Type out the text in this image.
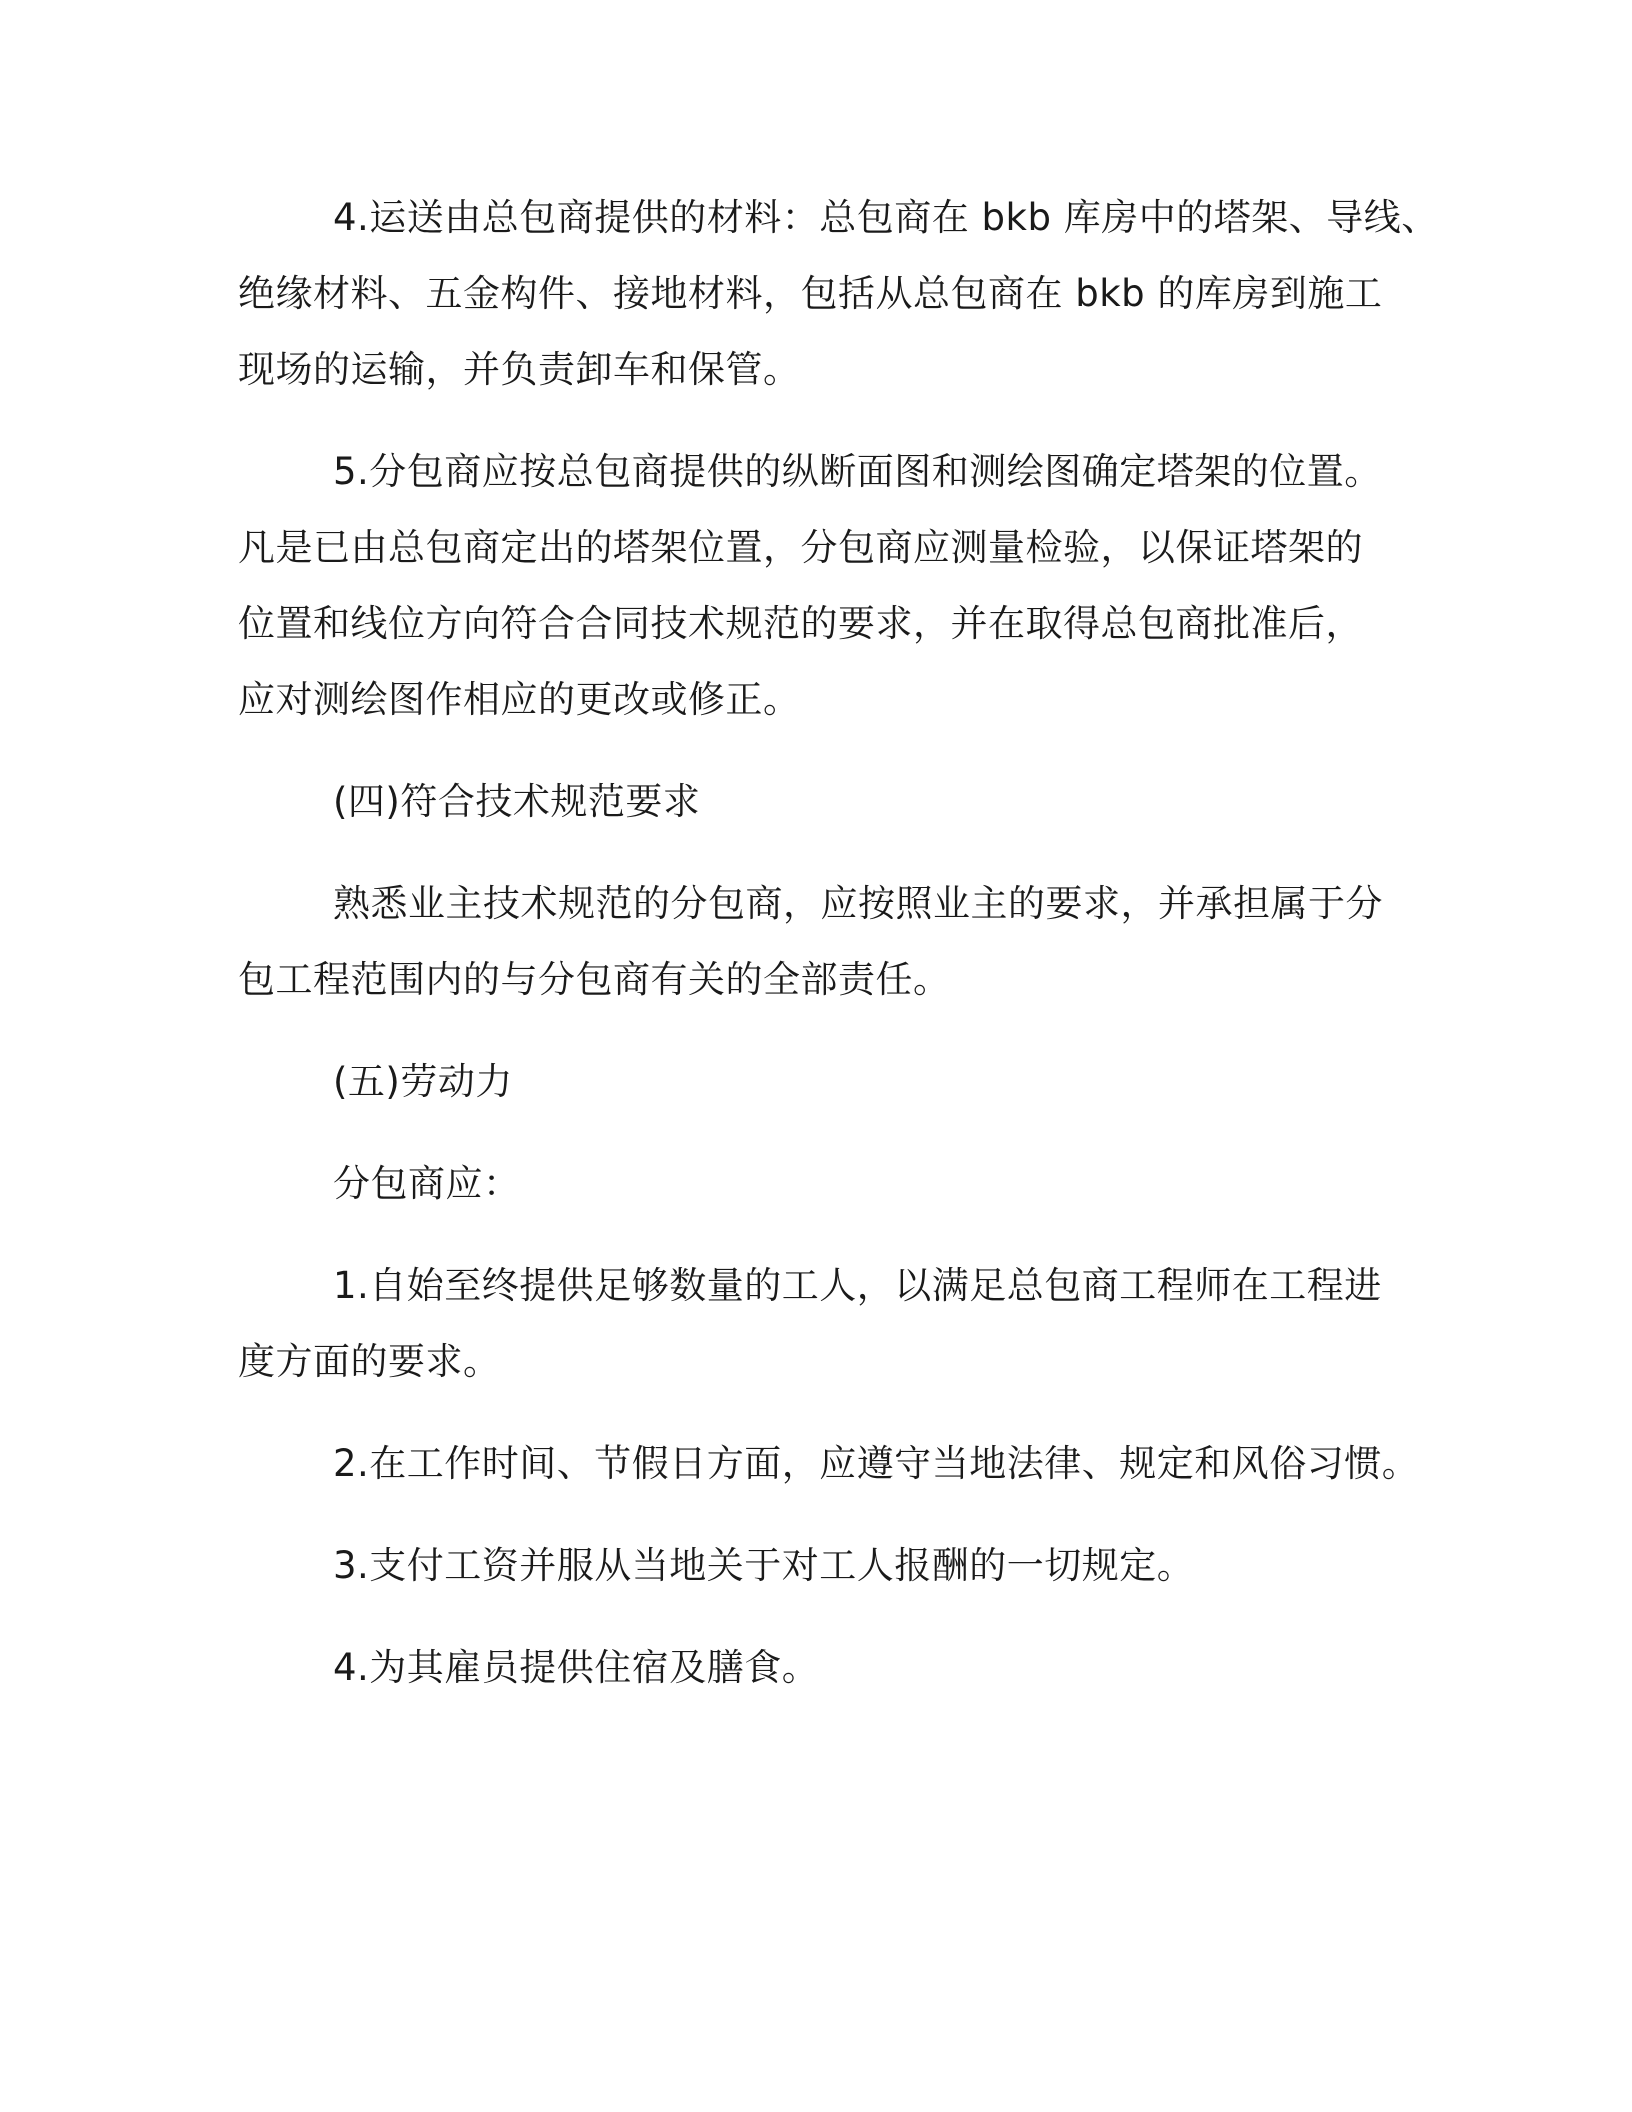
4.运送由总包商提供的材料：总包商在 bkb 库房中的塔架、导线、

绝缘材料、五金构件、接地材料，包括从总包商在 bkb 的库房到施工

现场的运输，并负责卸车和保管。

5.分包商应按总包商提供的纵断面图和测绘图确定塔架的位置。

凡是已由总包商定出的塔架位置，分包商应测量检验，以保证塔架的

位置和线位方向符合合同技术规范的要求，并在取得总包商批准后，

应对测绘图作相应的更改或修正。

(四)符合技术规范要求

熟悉业主技术规范的分包商，应按照业主的要求，并承担属于分

包工程范围内的与分包商有关的全部责任。

(五)劳动力

分包商应：

1.自始至终提供足够数量的工人，以满足总包商工程师在工程进

度方面的要求。

2.在工作时间、节假日方面，应遵守当地法律、规定和风俗习惯。

3.支付工资并服从当地关于对工人报酬的一切规定。

4.为其雇员提供住宿及膳食。
